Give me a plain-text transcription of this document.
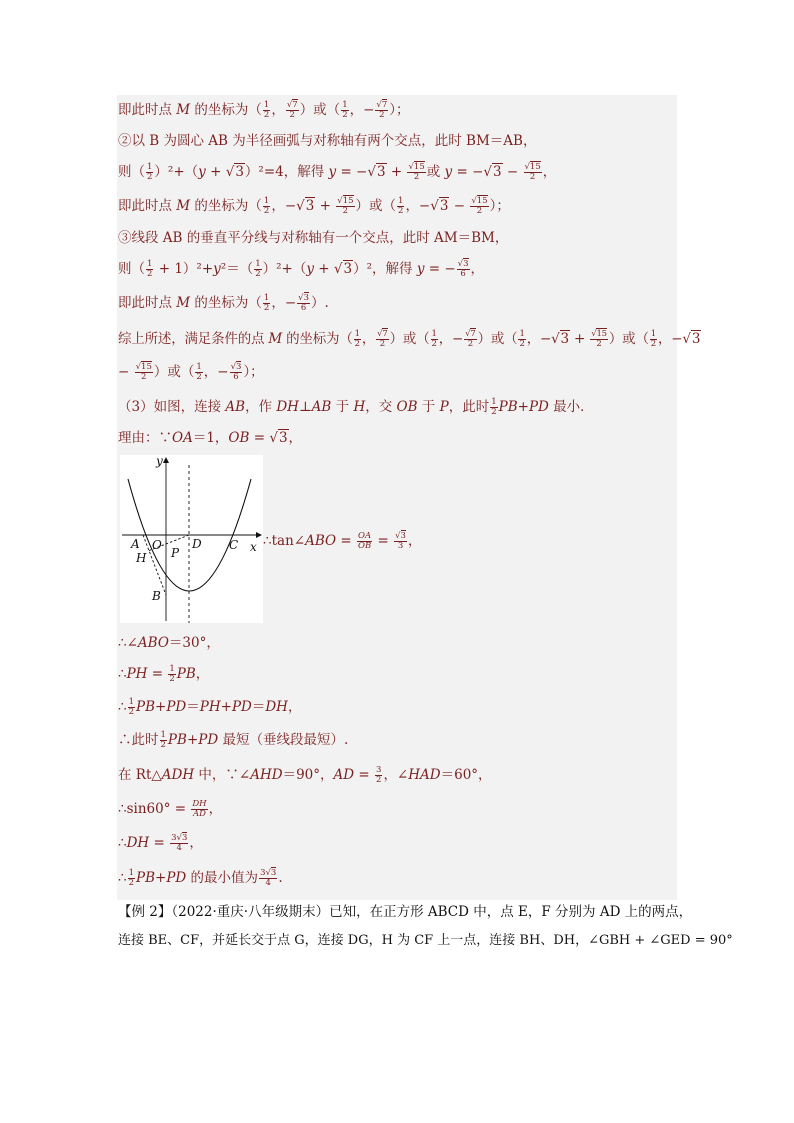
即此时点 M 的坐标为（ $\frac{1}{2}$ ， $\frac{√7}{2}$ ）或（ $\frac{1}{2}$ ，− $\frac{√7}{2}$ ）；
②以 B 为圆心 AB 为半径画弧与对称轴有两个交点，此时 BM＝AB，
则（ $\frac{1}{2} )^2+(y + √3)^2=4$，解得 $y = -√3 + \frac{√15}{2}$ 或 $y = -√3 - \frac{√15}{2}$ ，
即此时点 M 的坐标为（ $\frac{1}{2}$ ，$-√3 + \frac{√15}{2}$ ）或（ $\frac{1}{2}$ ，$-√3 - \frac{√15}{2}$ ）；
③线段 AB 的垂直平分线与对称轴有一个交点，此时 AM＝BM，
则（ $\frac{1}{2} + 1)^2+y^2=( \frac{1}{2} )^2+(y + √3)^2$，解得 y = − $\frac{√3}{6}$ ，
即此时点 M 的坐标为（ $\frac{1}{2}$ ，− $\frac{√3}{6}$ ）.
综上所述，满足条件的点 M 的坐标为（ $\frac{1}{2}$ ， $\frac{√7}{2}$ ）或（ $\frac{1}{2}$ ，− $\frac{√7}{2}$ ）或（ $\frac{1}{2}$ ，$-√3 + \frac{√15}{2}$ ）或（ $\frac{1}{2}$ ，−√3
− $\frac{√15}{2}$ ）或（ $\frac{1}{2}$ ，− $\frac{√3}{6}$ ）；
（3）如图，连接 AB，作 DH⊥AB 于 H，交 OB 于 P，此时 $\frac{1}{2} PB+PD$ 最小．
理由：∵OA＝1，OB = √3，
y
x
A O
H P
D C
B
∴tan∠ABO = $\frac{OA}{OB} = \frac{√3}{3}$ ，
∴∠ABO＝30°，
∴PH = $\frac{1}{2}$ PB，
∴ $\frac{1}{2} PB+PD=PH+PD=DH$，
∴此时 $\frac{1}{2} PB+PD$ 最短（垂线段最短）.
在 Rt△ADH 中，∵∠AHD＝90°，AD = $\frac{3}{2}$ ，∠HAD＝60°，
∴sin60° = $\frac{DH}{AD}$ ，
∴DH = $\frac{3√3}{4}$ ，
∴ $\frac{1}{2} PB+PD$ 的最小值为 $\frac{3√3}{4}$ .
【例 2】（2022·重庆·八年级期末）已知，在正方形 ABCD 中，点 E，F 分别为 AD 上的两点，
连接 BE、CF，并延长交于点 G，连接 DG，H 为 CF 上一点，连接 BH、DH，∠GBH + ∠GED = 90°
